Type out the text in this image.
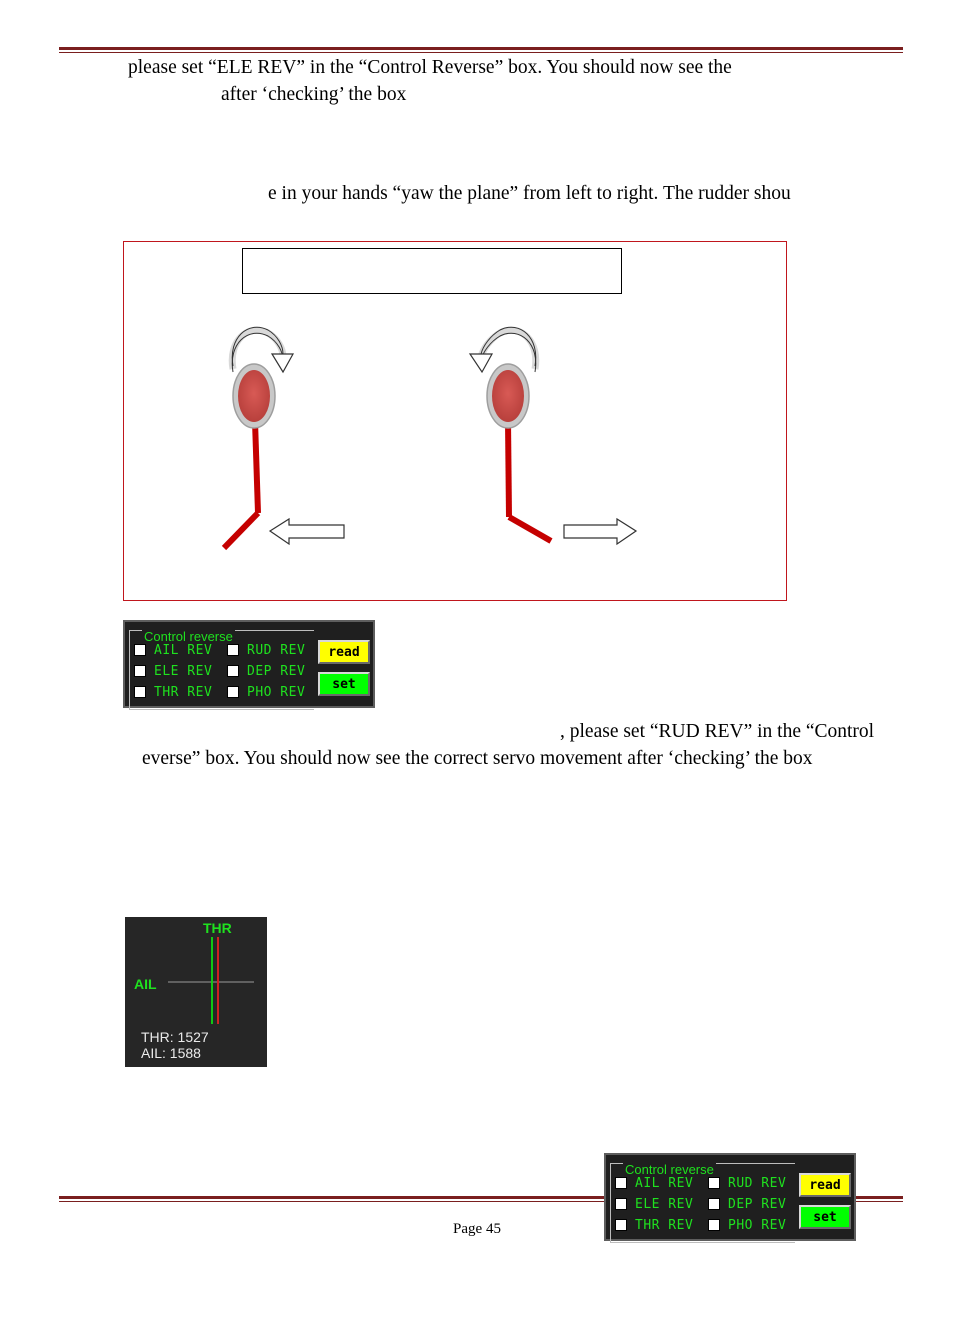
please set “ELE REV” in the “Control Reverse” box. You should now see the
after ‘checking’ the box
e in your hands “yaw the plane” from left to right. The rudder shou
Control reverse
AIL REV
ELE REV
THR REV
RUD REV
DEP REV
PHO REV
read
set
, please set “RUD REV” in the “Control
everse” box. You should now see the correct servo movement after ‘checking’ the box
THR
AIL
THR: 1527
AIL: 1588
Control reverse
AIL REV
ELE REV
THR REV
RUD REV
DEP REV
PHO REV
read
set
Page 45
